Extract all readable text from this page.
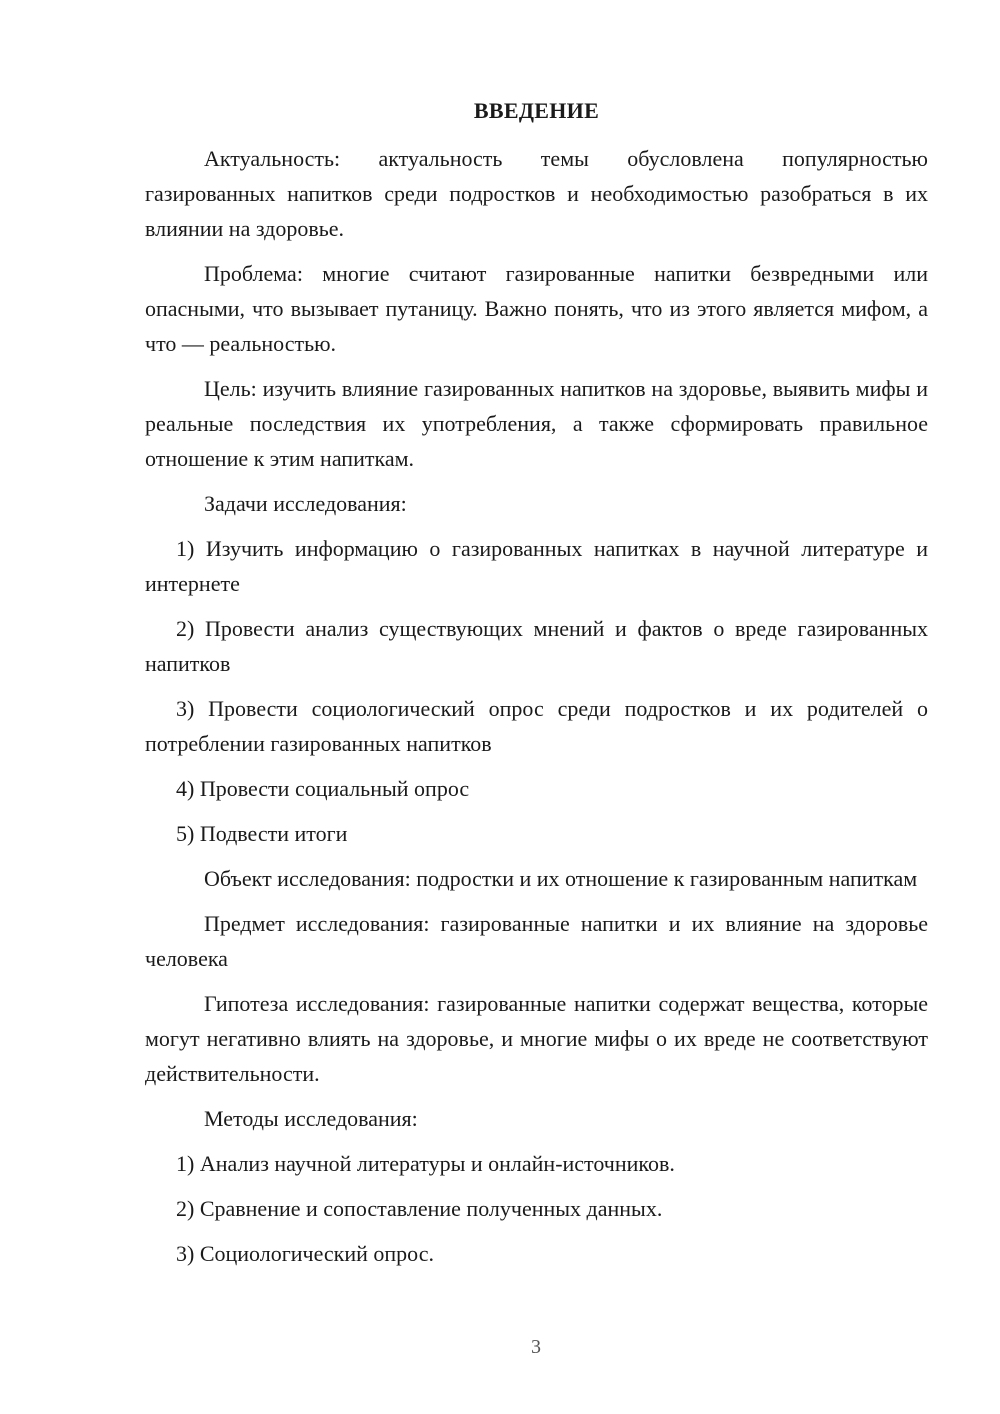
ВВЕДЕНИЕ

Актуальность: актуальность темы обусловлена популярностью газированных напитков среди подростков и необходимостью разобраться в их влиянии на здоровье.

Проблема: многие считают газированные напитки безвредными или опасными, что вызывает путаницу. Важно понять, что из этого является мифом, а что — реальностью.

Цель: изучить влияние газированных напитков на здоровье, выявить мифы и реальные последствия их употребления, а также сформировать правильное отношение к этим напиткам.

Задачи исследования:

1) Изучить информацию о газированных напитках в научной литературе и интернете

2) Провести анализ существующих мнений и фактов о вреде газированных напитков

3) Провести социологический опрос среди подростков и их родителей о потреблении газированных напитков

4) Провести социальный опрос

5) Подвести итоги

Объект исследования: подростки и их отношение к газированным напиткам

Предмет исследования: газированные напитки и их влияние на здоровье человека

Гипотеза исследования: газированные напитки содержат вещества, которые могут негативно влиять на здоровье, и многие мифы о их вреде не соответствуют действительности.

Методы исследования:

1) Анализ научной литературы и онлайн-источников.

2) Сравнение и сопоставление полученных данных.

3) Социологический опрос.

3
